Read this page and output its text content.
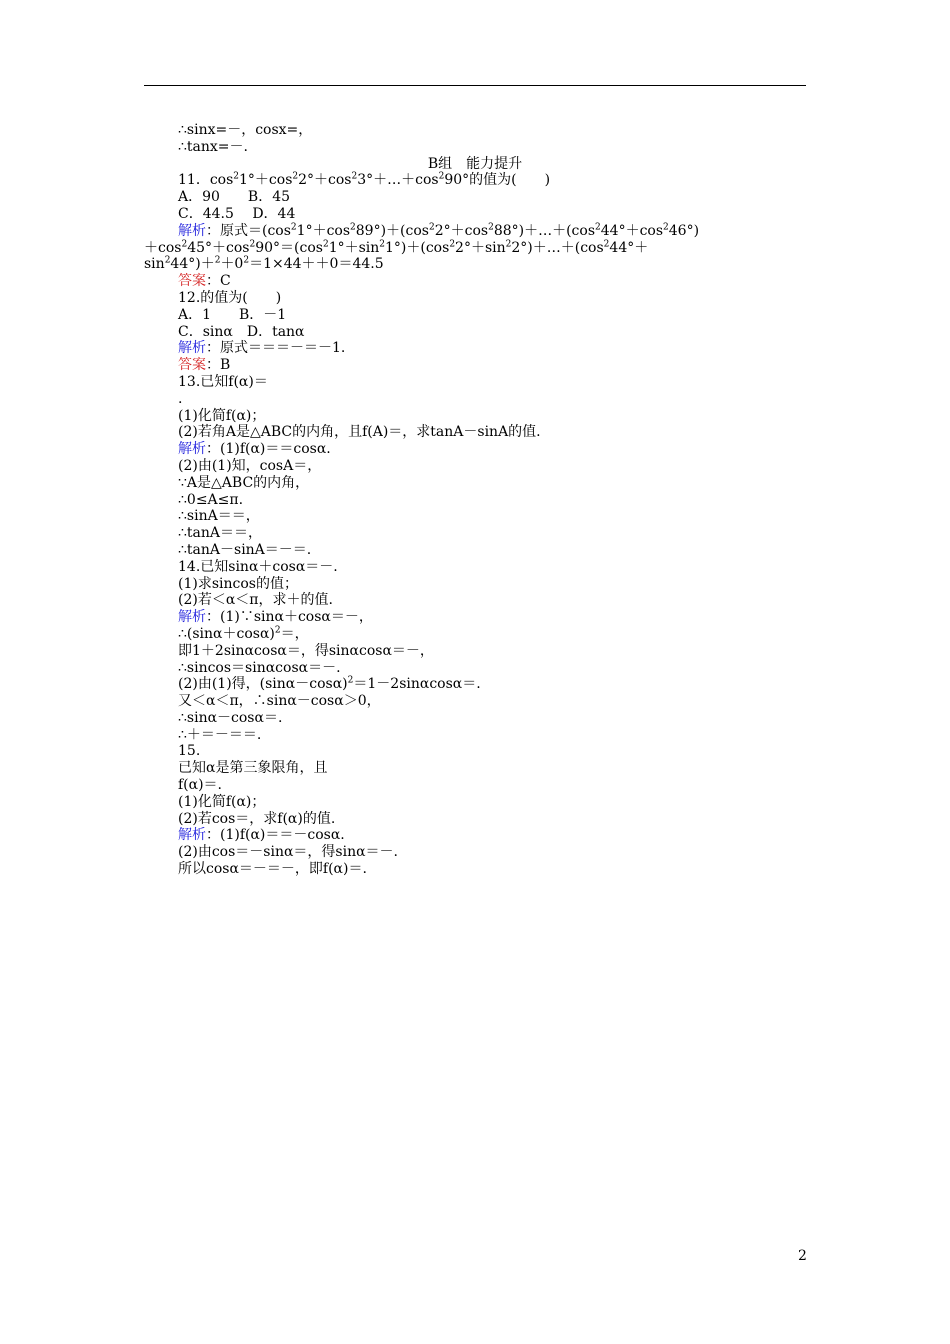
∴sinx=－，cosx=，
∴tanx=－.
B组　能力提升
11．$\cos^21^\circ+\cos^22^\circ+\cos^23^\circ+\dots+\cos^290^\circ$的值为(　　)
A．90　　B．45
C．44.5　 D．44
解析：原式$=(\cos^21^\circ+\cos^289^\circ)+(\cos^22^\circ+\cos^288^\circ)+\dots+(\cos^244^\circ+\cos^246^\circ)$
$+\cos^245^\circ+\cos^290^\circ=(\cos^21^\circ+\sin^21^\circ)+(\cos^22^\circ+\sin^22^\circ)+\dots+(\cos^244^\circ+$
$\sin^244^\circ)+^2+0^2=1\times 44++0=44.5$
答案：C
12.的值为(　　)
A．1　　B．－1
C．sinα　D．tanα
解析：原式＝＝＝－＝－1.
答案：B
13.已知f(α)＝
.
(1)化简f(α)；
(2)若角A是△ABC的内角，且f(A)＝，求tanA－sinA的值.
解析：(1)f(α)＝＝cosα.
(2)由(1)知，cosA＝，
∵A是△ABC的内角，
∴0≤A≤π.
∴sinA＝＝，
∴tanA＝＝，
∴tanA－sinA＝－＝.
14.已知sinα＋cosα＝－.
(1)求sincos的值；
(2)若＜α＜π，求＋的值.
解析：(1)∵sinα＋cosα＝－，
$\therefore(\sin\alpha+\cos\alpha)^2=$，
即1＋2sinαcosα＝，得sinαcosα＝－，
∴sincos＝sinαcosα＝－.
(2)由(1)得，$(\sin\alpha-\cos\alpha)^2=1-2\sin\alpha\cos\alpha=$.
又＜α＜π，∴sinα－cosα＞0，
∴sinα－cosα＝.
∴＋＝－＝＝.
15.
已知α是第三象限角，且
f(α)＝.
(1)化简f(α)；
(2)若cos＝，求f(α)的值.
解析：(1)f(α)＝＝－cosα.
(2)由cos＝－sinα＝，得sinα＝－.
所以cosα＝－＝－，即f(α)＝.
2
